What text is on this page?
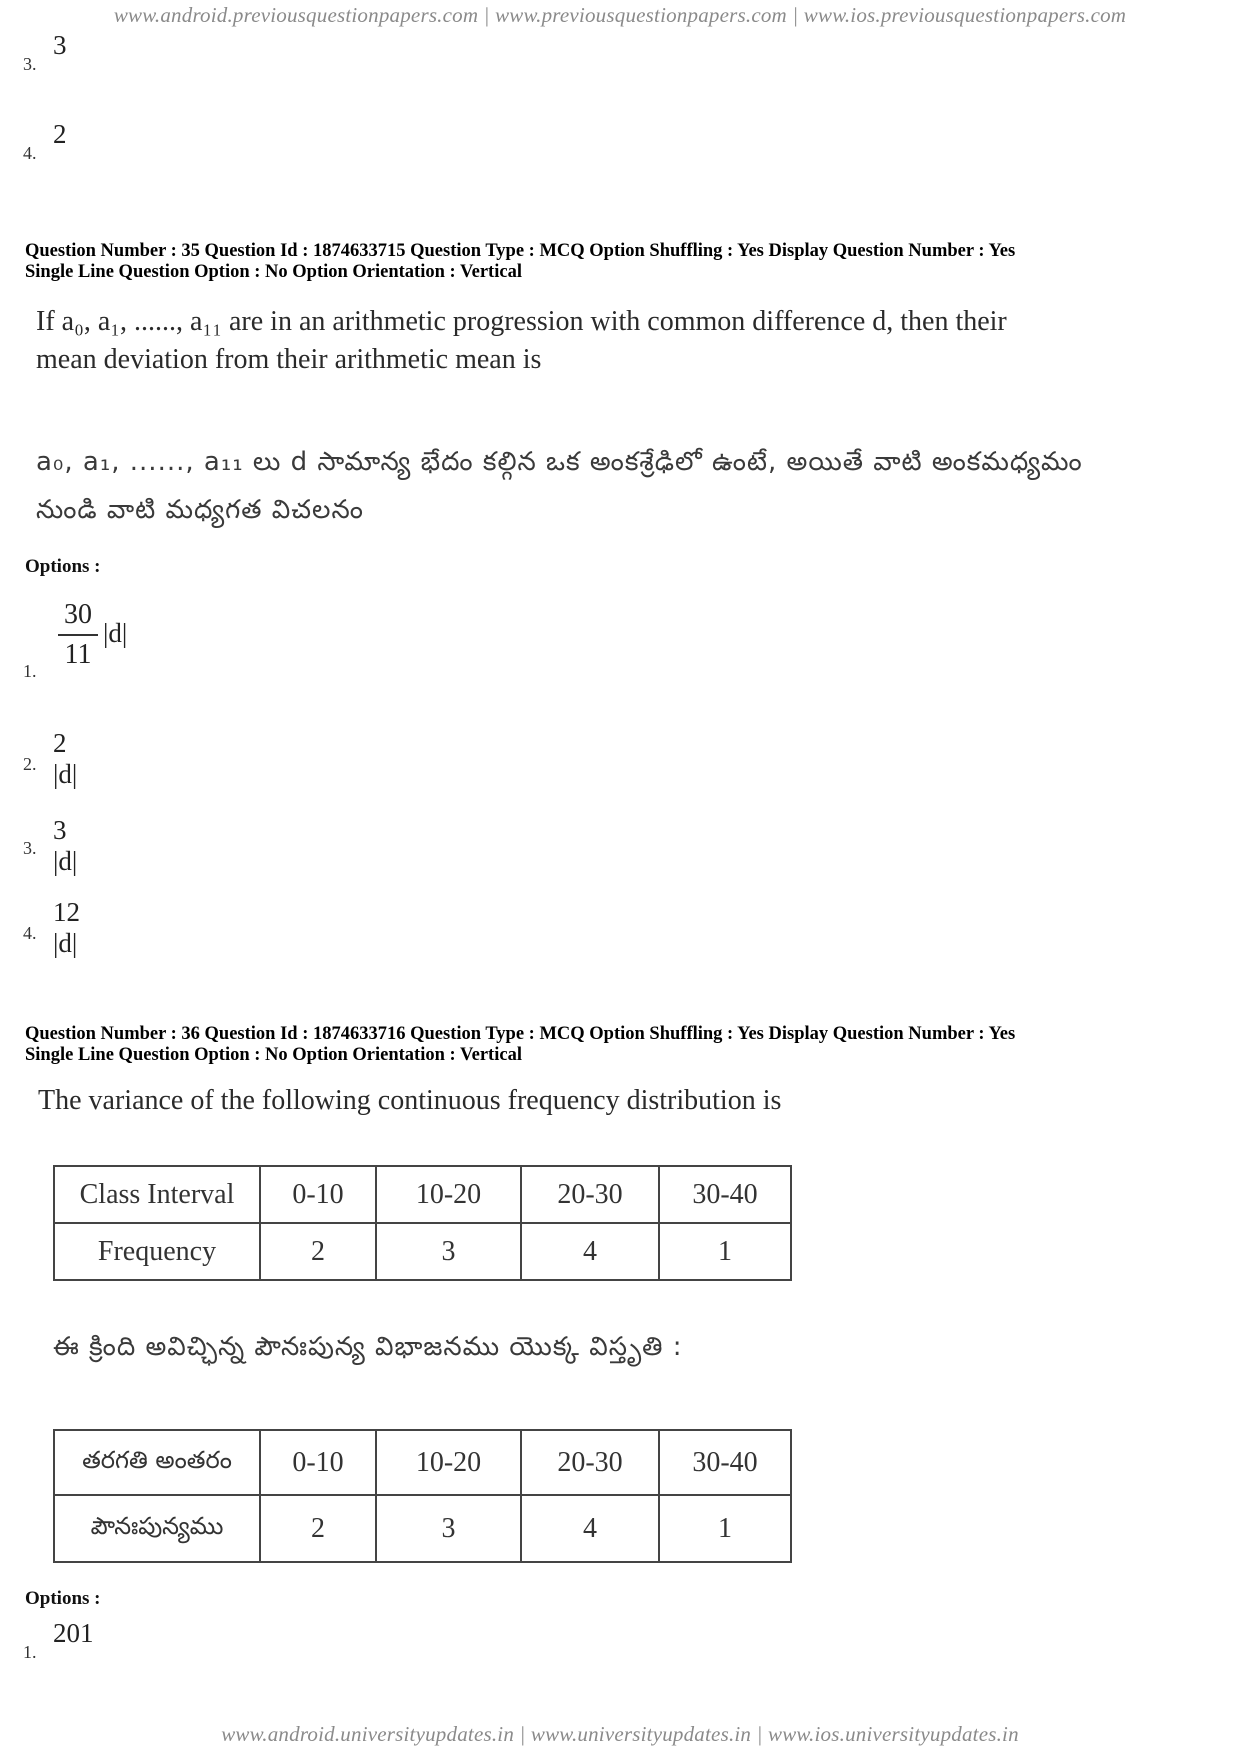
www.android.previousquestionpapers.com | www.previousquestionpapers.com | www.ios.previousquestionpapers.com
3.
3
4.
2
Question Number : 35 Question Id : 1874633715 Question Type : MCQ Option Shuffling : Yes Display Question Number : Yes
Single Line Question Option : No Option Orientation : Vertical
If a₀, a₁, ......, a₁₁ are in an arithmetic progression with common difference d, then their
mean deviation from their arithmetic mean is
a₀, a₁, ......, a₁₁ లు d సామాన్య భేదం కల్గిన ఒక అంకశ్రేఢిలో ఉంటే, అయితే వాటి అంకమధ్యమం
నుండి వాటి మధ్యగత విచలనం
Options :
1.
30
11
|d|
2.
2 |d|
3.
3 |d|
4.
12 |d|
Question Number : 36 Question Id : 1874633716 Question Type : MCQ Option Shuffling : Yes Display Question Number : Yes
Single Line Question Option : No Option Orientation : Vertical
The variance of the following continuous frequency distribution is
Class Interval	0-10	10-20	20-30	30-40
Frequency	2	3	4	1
ఈ క్రింది అవిచ్ఛిన్న పౌనఃపున్య విభాజనము యొక్క విస్తృతి :
తరగతి అంతరం	0-10	10-20	20-30	30-40
పౌనఃపున్యము	2	3	4	1
Options :
1.
201
www.android.universityupdates.in | www.universityupdates.in | www.ios.universityupdates.in
